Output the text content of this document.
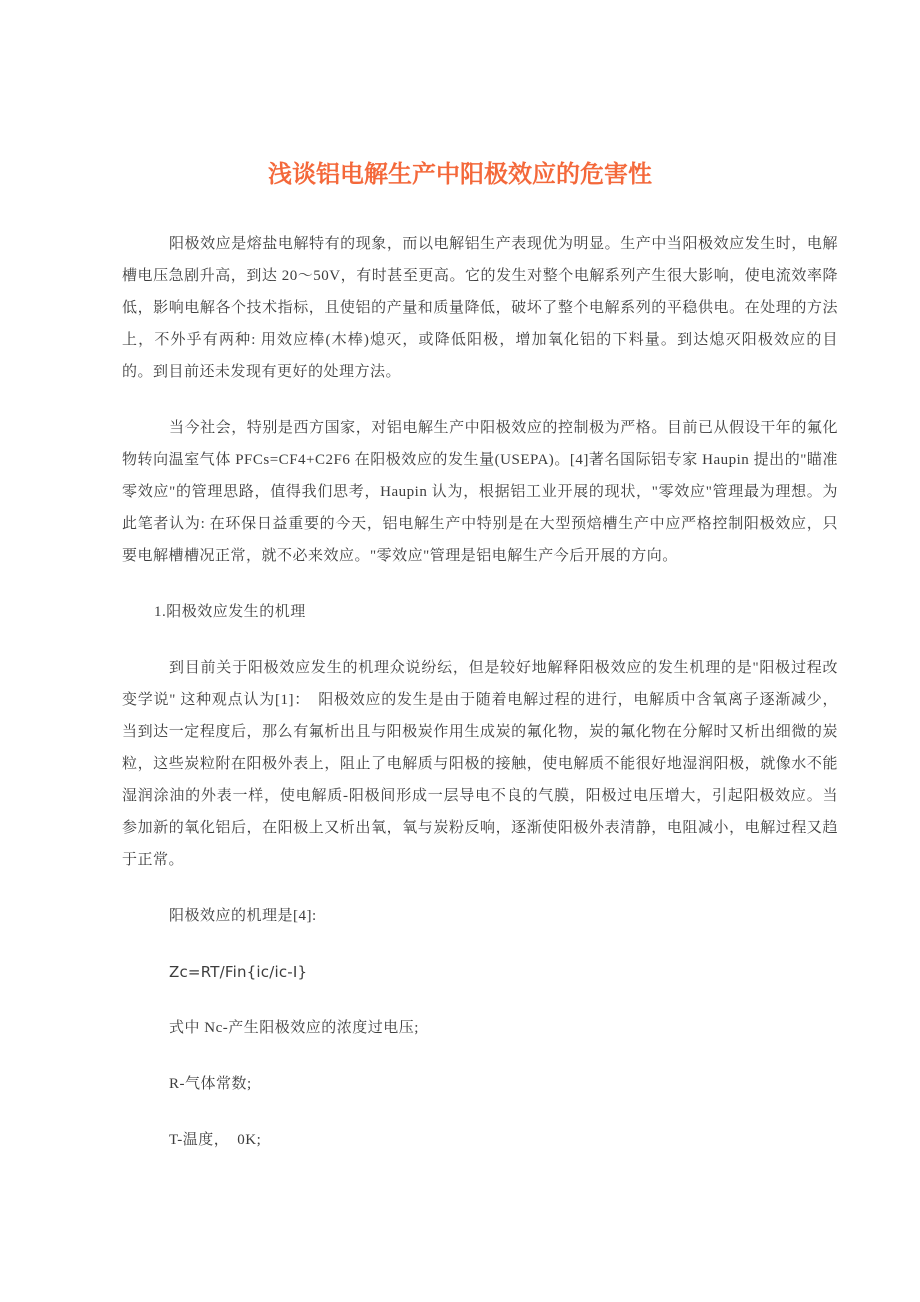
浅谈铝电解生产中阳极效应的危害性

阳极效应是熔盐电解特有的现象，而以电解铝生产表现优为明显。生产中当阳极效应发生时，电解槽电压急剧升高，到达 20～50V，有时甚至更高。它的发生对整个电解系列产生很大影响，使电流效率降低，影响电解各个技术指标，且使铝的产量和质量降低，破坏了整个电解系列的平稳供电。在处理的方法上，不外乎有两种: 用效应棒(木棒)熄灭，或降低阳极，增加氧化铝的下料量。到达熄灭阳极效应的目的。到目前还未发现有更好的处理方法。

当今社会，特别是西方国家，对铝电解生产中阳极效应的控制极为严格。目前已从假设干年的氟化物转向温室气体 PFCs=CF4+C2F6 在阳极效应的发生量(USEPA)。[4]著名国际铝专家 Haupin 提出的"瞄准零效应"的管理思路，值得我们思考，Haupin 认为，根据铝工业开展的现状，"零效应"管理最为理想。为此笔者认为: 在环保日益重要的今天，铝电解生产中特别是在大型预焙槽生产中应严格控制阳极效应，只要电解槽槽况正常，就不必来效应。"零效应"管理是铝电解生产今后开展的方向。

1.阳极效应发生的机理

到目前关于阳极效应发生的机理众说纷纭，但是较好地解释阳极效应的发生机理的是"阳极过程改变学说" 这种观点认为[1]：　阳极效应的发生是由于随着电解过程的进行，电解质中含氧离子逐渐减少，当到达一定程度后，那么有氟析出且与阳极炭作用生成炭的氟化物，炭的氟化物在分解时又析出细微的炭粒，这些炭粒附在阳极外表上，阻止了电解质与阳极的接触，使电解质不能很好地湿润阳极，就像水不能湿润涂油的外表一样，使电解质-阳极间形成一层导电不良的气膜，阳极过电压增大，引起阳极效应。当参加新的氧化铝后，在阳极上又析出氧，氧与炭粉反响，逐渐使阳极外表清静，电阻减小，电解过程又趋于正常。

阳极效应的机理是[4]:

Zc=RT/Fin{ic/ic-I}

式中 Nc-产生阳极效应的浓度过电压;

R-气体常数;

T-温度，　0K;
